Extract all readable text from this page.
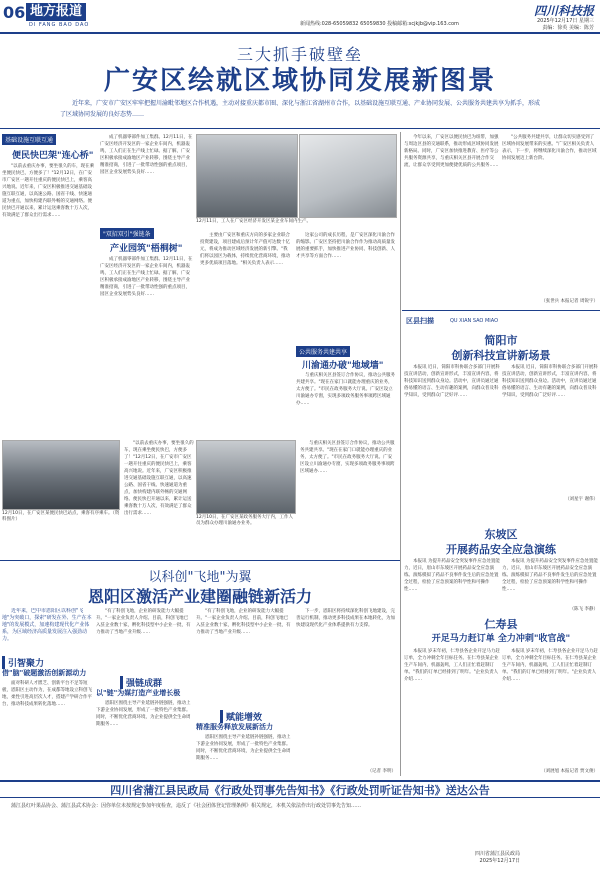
06 地方报道
DI FANG BAO DAO	新闻热线:028-65059832 65059830 投稿邮箱:scjkjb@vip.163.com
四川科技报
2025年12月17日 星期三
责编：徐英 美编：陈芳
三大抓手破壁垒
广安区绘就区域协同发展新图景
近年来，广安市广安区牢牢把握川渝毗邻地区合作机遇，主动对接重庆都市圈、深化与浙江省湖州市合作，以基础设施互联互通、产业协同发展、公共服务共建共享为抓手，形成了区域协同发展的良好态势……
基础设施互联互通
便民快巴架"连心桥"

"以前去重庆办事，要坐很久的车，现在乘坐便民快巴，方便多了！"12月12日，在广安市广安区一趟开往重庆的便民快巴上，乘客高兴地说。近年来，广安区积极推进交通基础设施互联互通，以高速公路、国省干线、快速通道为重点，加快构建内联外畅的交通网络。便民快巴开通以来，累计运送乘客数十万人次，有效满足了群众出行需求……

成了机器零部件加工集群。12月11日，在广安区经济开发区的一家企业车间内，机器轰鸣，工人们正在生产线上忙碌。据了解，广安区积极承接成渝地区产业转移，围绕主导产业精准招商，引进了一批带动性强的重点项目，园区企业发展势头良好……

12月11日，工人在广安区经济开发区某企业车间内生产。
"双招双引"强链条
产业园筑"梧桐树"

成了机器零部件加工集群。12月11日，在广安区经济开发区的一家企业车间内，机器轰鸣，工人们正在生产线上忙碌。据了解，广安区积极承接成渝地区产业转移，围绕主导产业精准招商，引进了一批带动性强的重点项目，园区企业发展势头良好……

主要由广安区和重庆方向的多家企业联合投资建设，项目建成后预计年产值可达数十亿元，将成为推动区域经济发展的新引擎。"我们将以园区为载体，持续优化营商环境，推动更多优质项目落地。"相关负责人表示……

这家公司的成长历程，是广安区深化川渝合作的缩影。广安区坚持把川渝合作作为推动高质量发展的重要抓手，加快推进产业协同、科技创新、人才共享等方面合作……

公共服务共建共享
川渝通办破"地域墙"

与重庆相关区县签订合作协议，推动公共服务共建共享。"现在在家门口就能办理重庆的业务，太方便了。"市民在政务服务大厅说。广安区设立川渝通办专窗，实现多项政务服务事项跨区域通办……

12月10日，在广安区某便民快巴站点，乘客有序乘车。（资料图片）

"以前去重庆办事，要坐很久的车，现在乘坐便民快巴，方便多了！"12月12日，在广安市广安区一趟开往重庆的便民快巴上，乘客高兴地说。近年来，广安区积极推进交通基础设施互联互通，以高速公路、国省干线、快速通道为重点，加快构建内联外畅的交通网络。便民快巴开通以来，累计运送乘客数十万人次，有效满足了群众出行需求……

12月10日，在广安区某政务服务大厅内，工作人员为群众办理川渝通办业务。

与重庆相关区县签订合作协议，推动公共服务共建共享。"现在在家门口就能办理重庆的业务，太方便了。"市民在政务服务大厅说。广安区设立川渝通办专窗，实现多项政务服务事项跨区域通办……

今年以来，广安区以便民快巴为纽带，加强与周边区县的交通联系，推动形成区域协同发展新格局。同时，广安区加快推进教育、医疗等公共服务资源共享，与重庆相关区县开展合作交流，让群众享受到更加便捷优质的公共服务……

"公共服务共建共享，让群众切实感受到了区域协同发展带来的实惠。"广安区相关负责人表示，下一步，将继续深化川渝合作，推动区域协同发展迈上新台阶。

（张世兵 本报记者 周锐宇）
区县扫描	QU XIAN SAO MIAO
简阳市
创新科技宣讲新场景

本报讯 近日，简阳市科协联合多部门开展科技宣讲活动，创新宣讲形式，丰富宣讲内容，将科技知识送到群众身边。活动中，宣讲员通过通俗易懂的语言、生动有趣的案例，向群众普及科学知识，受到群众广泛好评……

本报讯 近日，简阳市科协联合多部门开展科技宣讲活动，创新宣讲形式，丰富宣讲内容，将科技知识送到群众身边。活动中，宣讲员通过通俗易懂的语言、生动有趣的案例，向群众普及科学知识，受到群众广泛好评……

（刘星宇 谢伟）
东坡区
开展药品安全应急演练

本报讯 为提升药品安全突发事件应急处置能力，近日，眉山市东坡区开展药品安全应急演练。演练模拟了药品不良事件发生后的应急处置全过程，检验了应急预案的科学性和可操作性……

本报讯 为提升药品安全突发事件应急处置能力，近日，眉山市东坡区开展药品安全应急演练。演练模拟了药品不良事件发生后的应急处置全过程，检验了应急预案的科学性和可操作性……

（陈飞 李静）
仁寿县
开足马力赶订单 全力冲刺"收官战"

本报讯 岁末年初，仁寿县各企业开足马力赶订单，全力冲刺全年目标任务。在仁寿县某企业生产车间内，机器轰鸣，工人们正忙着赶制订单。"我们的订单已经排到了明年。"企业负责人介绍……

本报讯 岁末年初，仁寿县各企业开足马力赶订单，全力冲刺全年目标任务。在仁寿县某企业生产车间内，机器轰鸣，工人们正忙着赶制订单。"我们的订单已经排到了明年。"企业负责人介绍……

（刘展旭 本报记者 贾文俊）
以科创"飞地"为翼
恩阳区激活产业建圈融链新活力

近年来，巴中市恩阳区以科创"飞地"为突破口，探索"研发在外、生产在本地"的发展模式，加速构建现代化产业体系，为区域经济高质量发展注入强劲动力。

引智聚力
借"脑"破题激活创新源动力

面对科研人才匮乏、创新平台不足等短板，恩阳区主动作为，在成都等地设立科创飞地，柔性引进高层次人才，搭建产学研合作平台，推动科技成果转化落地……

"有了科创飞地，企业的研发能力大幅提升。"一家企业负责人介绍。目前，科创飞地已入驻企业数十家，孵化科技型中小企业一批，有力推动了当地产业升级……

强链成群
以"链"为媒打造产业增长极

恩阳区围绕主导产业延链补链强链，推动上下游企业协同发展，形成了一批特色产业集群。同时，不断优化营商环境，为企业提供全生命周期服务……

"有了科创飞地，企业的研发能力大幅提升。"一家企业负责人介绍。目前，科创飞地已入驻企业数十家，孵化科技型中小企业一批，有力推动了当地产业升级……

赋能增效
精准服务释放发展新活力

恩阳区围绕主导产业延链补链强链，推动上下游企业协同发展，形成了一批特色产业集群。同时，不断优化营商环境，为企业提供全生命周期服务……

下一步，恩阳区将持续深化科创飞地建设，完善运行机制，推动更多科技成果在本地转化，为加快建设现代化产业体系提供有力支撑。

（记者 李明）
四川省蒲江县民政局《行政处罚事先告知书》《行政处罚听证告知书》送达公告

蒲江县红叶果品协会、蒲江县武术协会：因你单位未按规定参加年度检查，违反了《社会团体登记管理条例》相关规定，本机关依法作出行政处罚事先告知……

四川省蒲江县民政局
2025年12月17日
